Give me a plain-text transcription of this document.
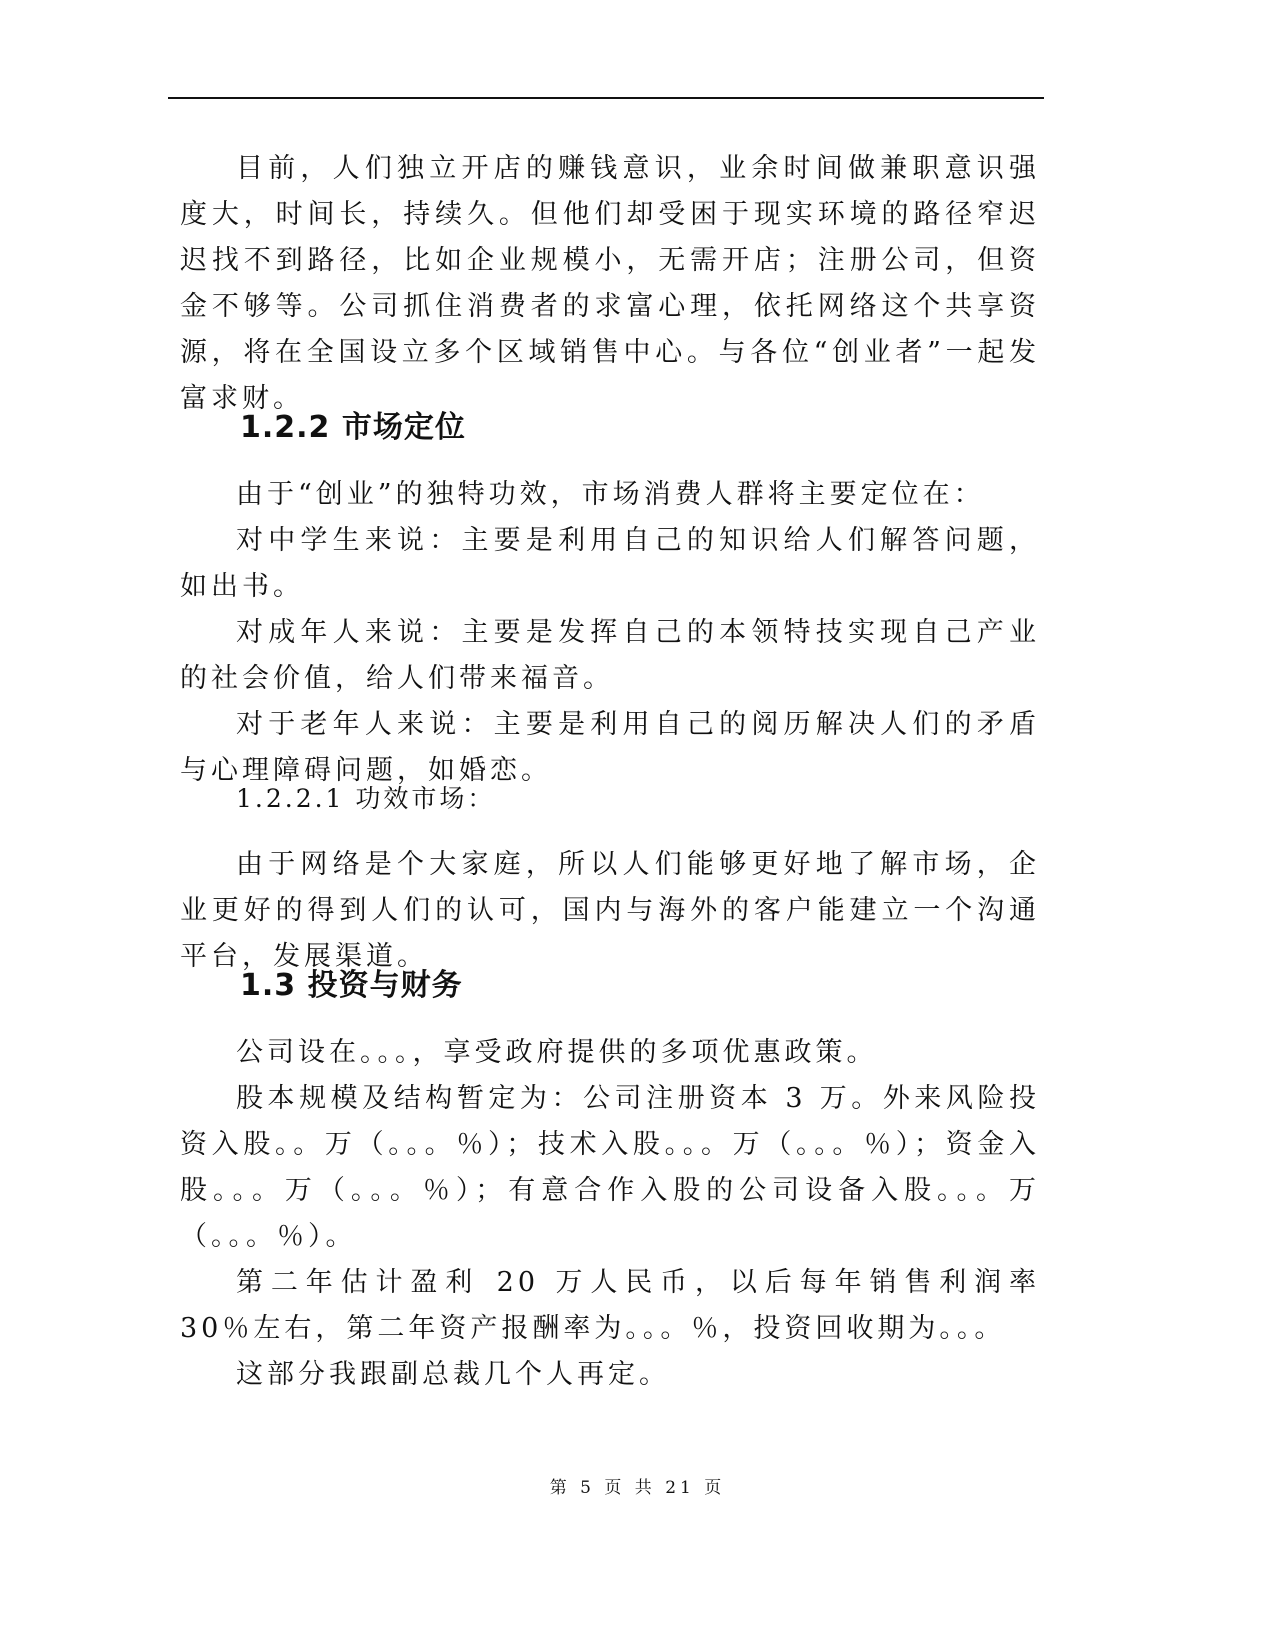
目前，人们独立开店的赚钱意识，业余时间做兼职意识强度大，时间长，持续久。但他们却受困于现实环境的路径窄迟迟找不到路径，比如企业规模小，无需开店；注册公司，但资金不够等。公司抓住消费者的求富心理，依托网络这个共享资源，将在全国设立多个区域销售中心。与各位“创业者”一起发富求财。

1.2.2 市场定位

由于“创业”的独特功效，市场消费人群将主要定位在：

对中学生来说：主要是利用自己的知识给人们解答问题，如出书。

对成年人来说：主要是发挥自己的本领特技实现自己产业的社会价值，给人们带来福音。

对于老年人来说：主要是利用自己的阅历解决人们的矛盾与心理障碍问题，如婚恋。

1.2.2.1 功效市场：

由于网络是个大家庭，所以人们能够更好地了解市场，企业更好的得到人们的认可，国内与海外的客户能建立一个沟通平台，发展渠道。

1.3 投资与财务

公司设在。。。，享受政府提供的多项优惠政策。

股本规模及结构暂定为：公司注册资本 3 万。外来风险投资入股。。万（。。。％）；技术入股。。。万（。。。％）；资金入股。。。万（。。。％）；有意合作入股的公司设备入股。。。万（。。。％）。

第二年估计盈利 20 万人民币，以后每年销售利润率 30％左右，第二年资产报酬率为。。。％，投资回收期为。。。

这部分我跟副总裁几个人再定。

第 5 页 共 21 页
